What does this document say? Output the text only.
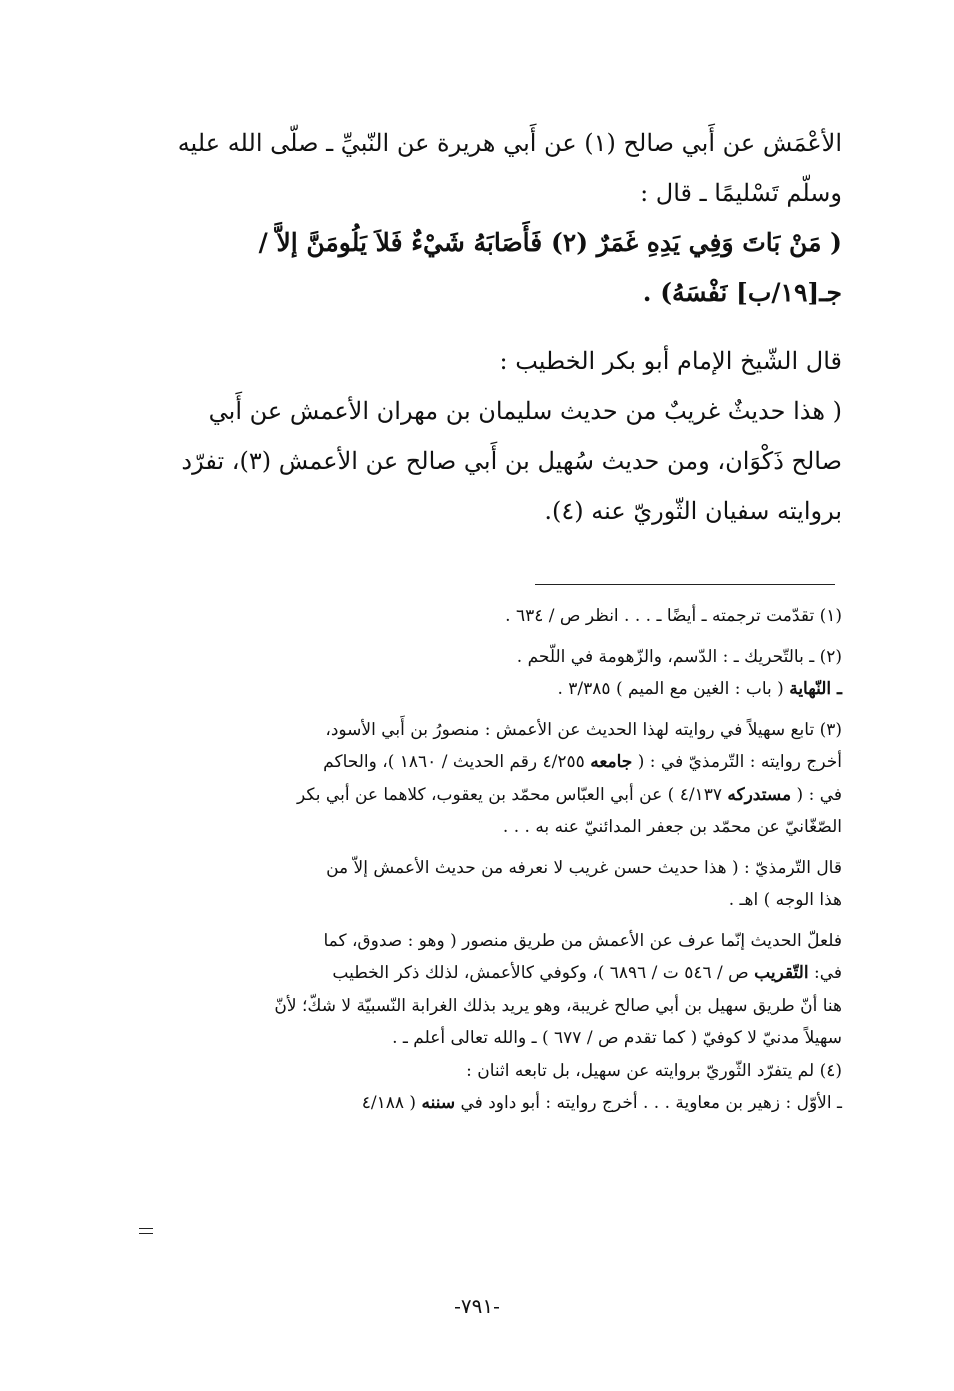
الأعْمَش عن أَبي صالح (١) عن أَبي هريرة عن النّبيِّ ـ صلّى الله عليه

وسلّم تَسْليمًا ـ قال :

( مَنْ بَاتَ وَفِي يَدِهِ غَمَرٌ (٢) فَأَصَابَهُ شَيْءٌ فَلاَ يَلُومَنَّ إلاَّ /

جـ[١٩/ب] نَفْسَهُ) .

قال الشّيخ الإمام أبو بكر الخطيب :

( هذا حديثٌ غريبٌ من حديث سليمان بن مهران الأعمش عن أَبي

صالح ذَكْوَان، ومن حديث سُهيل بن أَبي صالح عن الأعمش (٣)، تفرّد

بروايته سفيان الثّوريّ عنه (٤).

(١) تقدّمت ترجمته ـ أيضًا ـ . . . انظر ص / ٦٣٤ .

(٢) ـ بالتّحريك ـ : الدّسم، والزّهومة في اللّحم .

ـ النّهاية ( باب : الغين مع الميم ) ٣/٣٨٥ .

(٣) تابع سهيلاً في روايته لهذا الحديث عن الأعمش : منصورُ بن أَبي الأسود،

أخرج روايته : التّرمذيّ في : ( جامعه ٤/٢٥٥ رقم الحديث / ١٨٦٠ )، والحاكم

في : ( مستدركه ٤/١٣٧ ) عن أبي العبّاس محمّد بن يعقوب، كلاهما عن أبي بكر

الصّغّانيّ عن محمّد بن جعفر المدائنيّ عنه به . . .

قال التّرمذيّ : ( هذا حديث حسن غريب لا نعرفه من حديث الأعمش إلاّ من

هذا الوجه ) اهـ .

فلعلّ الحديث إنّما عرف عن الأعمش من طريق منصور ( وهو : صدوق، كما

في: التّقريب ص / ٥٤٦ ت / ٦٨٩٦ )، وكوفي كالأعمش، لذلك ذكر الخطيب

هنا أنّ طريق سهيل بن أبي صالح غريبة، وهو يريد بذلك الغرابة النّسبيّة لا شكّ؛ لأنّ

سهيلاً مدنيّ لا كوفيّ ( كما تقدم ص / ٦٧٧ ) ـ والله تعالى أعلم ـ .

(٤) لم يتفرّد الثّوريّ بروايته عن سهيل، بل تابعه اثنان :

ـ الأوّل : زهير بن معاوية . . . أخرج روايته : أبو داود في سننه ( ٤/١٨٨

-٧٩١-
